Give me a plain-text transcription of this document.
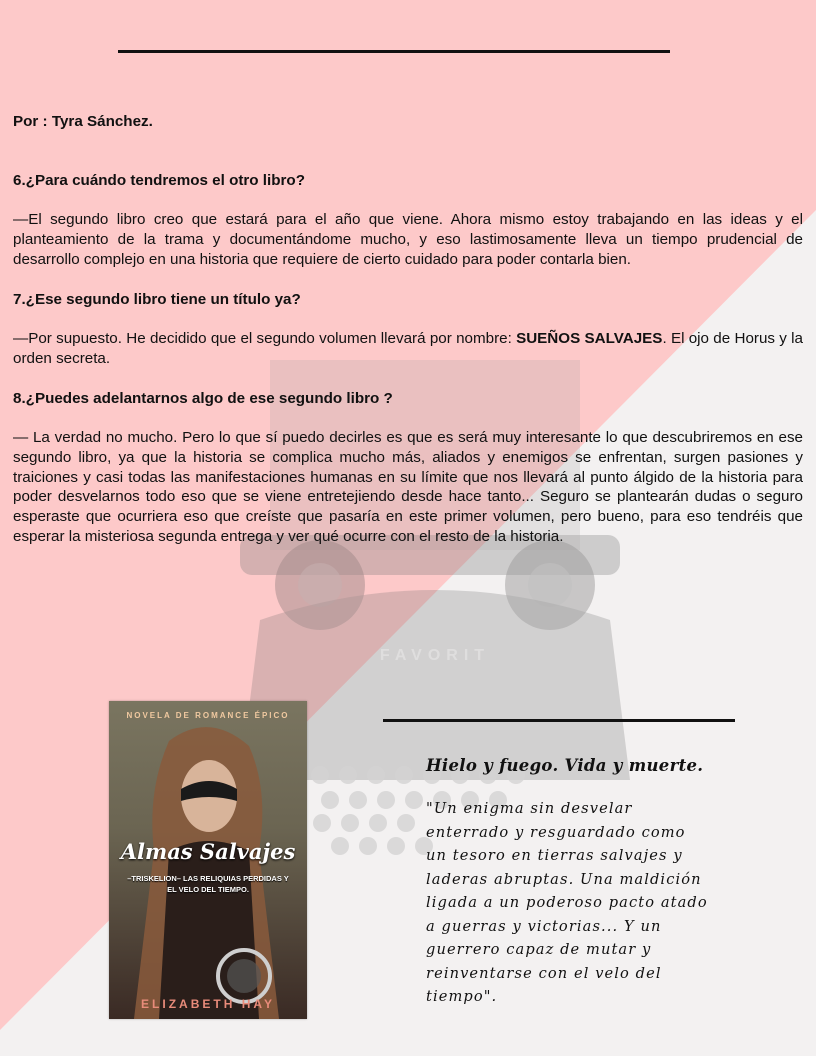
FAVORIT

Por : Tyra Sánchez.

6.¿Para cuándo tendremos el otro libro?

—El segundo libro creo que estará para el año que viene. Ahora mismo estoy trabajando en las ideas y el planteamiento de la trama y documentándome mucho, y eso lastimosamente lleva un tiempo prudencial de desarrollo complejo en una historia que requiere de cierto cuidado para poder contarla bien.

7.¿Ese segundo libro tiene un título ya?

—Por supuesto. He decidido que el segundo volumen llevará por nombre: SUEÑOS SALVAJES. El ojo de Horus y la orden secreta.

8.¿Puedes adelantarnos algo de ese segundo libro ?

— La verdad no mucho. Pero lo que sí puedo decirles es que es será muy interesante lo que descubriremos en ese segundo libro, ya que la historia se complica mucho más, aliados y enemigos se enfrentan, surgen pasiones y traiciones y casi todas las manifestaciones humanas en su límite que nos llevará al punto álgido de la historia para poder desvelarnos todo eso que se viene entretejiendo desde hace tanto... Seguro se plantearán dudas o seguro esperaste que ocurriera eso que creíste que pasaría en este primer volumen, pero bueno, para eso tendréis que esperar la misteriosa segunda entrega y ver qué ocurre con el resto de la historia.

NOVELA DE ROMANCE ÉPICO
Almas Salvajes
–TRISKELION– LAS RELIQUIAS PERDIDAS Y EL VELO DEL TIEMPO.
ELIZABETH HAY

Hielo y fuego. Vida y muerte.

"Un enigma sin desvelar enterrado y resguardado como un tesoro en tierras salvajes y laderas abruptas. Una maldición ligada a un poderoso pacto atado a guerras y victorias... Y un guerrero capaz de mutar y reinventarse con el velo del tiempo".
